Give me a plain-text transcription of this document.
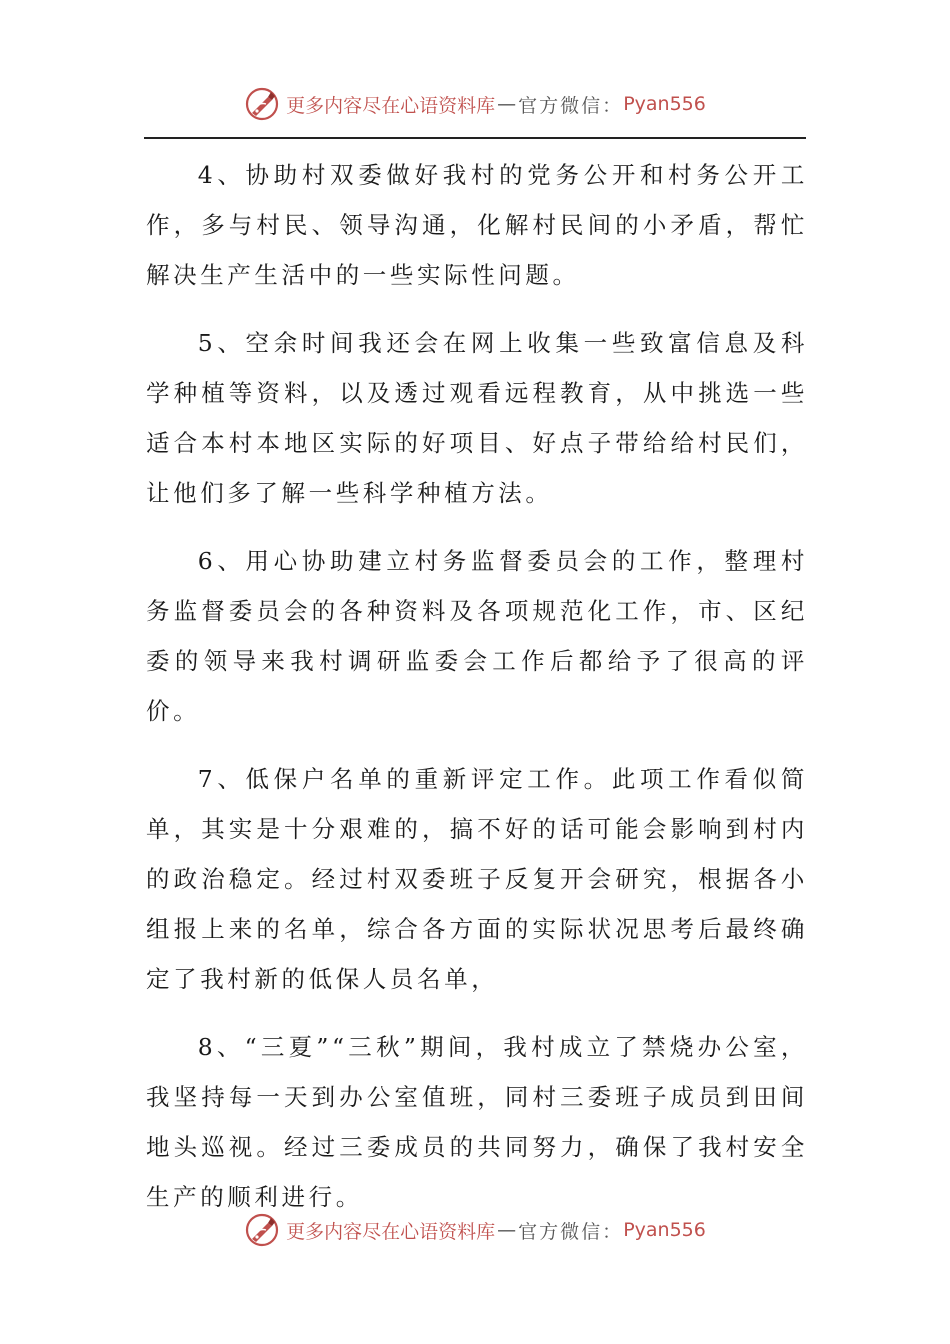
更多内容尽在心语资料库 — 官方微信： Pyan556

4、协助村双委做好我村的党务公开和村务公开工作，多与村民、领导沟通，化解村民间的小矛盾，帮忙解决生产生活中的一些实际性问题。

5、空余时间我还会在网上收集一些致富信息及科学种植等资料，以及透过观看远程教育，从中挑选一些适合本村本地区实际的好项目、好点子带给给村民们，让他们多了解一些科学种植方法。

6、用心协助建立村务监督委员会的工作，整理村务监督委员会的各种资料及各项规范化工作，市、区纪委的领导来我村调研监委会工作后都给予了很高的评价。

7、低保户名单的重新评定工作。此项工作看似简单，其实是十分艰难的，搞不好的话可能会影响到村内的政治稳定。经过村双委班子反复开会研究，根据各小组报上来的名单，综合各方面的实际状况思考后最终确定了我村新的低保人员名单，

8、“三夏”“三秋”期间，我村成立了禁烧办公室，我坚持每一天到办公室值班，同村三委班子成员到田间地头巡视。经过三委成员的共同努力，确保了我村安全生产的顺利进行。

更多内容尽在心语资料库 — 官方微信： Pyan556
